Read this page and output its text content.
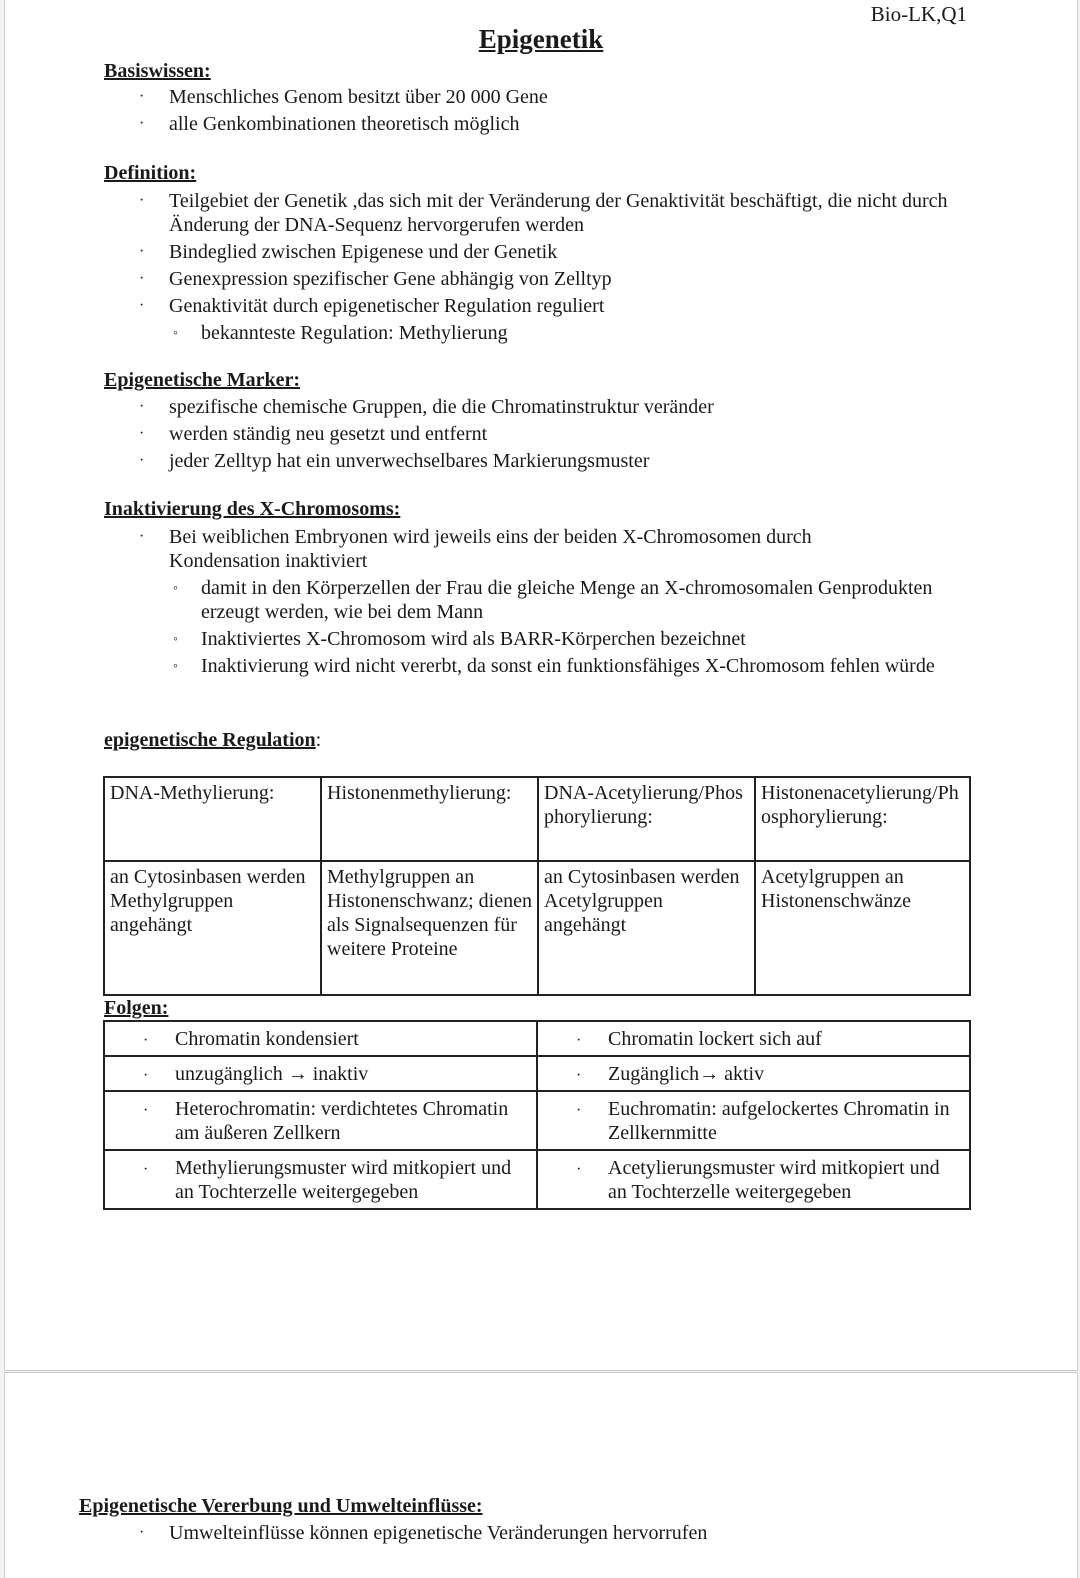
Bio-LK,Q1
Epigenetik
Basiswissen:
· Menschliches Genom besitzt über 20 000 Gene
· alle Genkombinationen theoretisch möglich
Definition:
· Teilgebiet der Genetik ,das sich mit der Veränderung der Genaktivität beschäftigt, die nicht durch Änderung der DNA-Sequenz hervorgerufen werden
· Bindeglied zwischen Epigenese und der Genetik
· Genexpression spezifischer Gene abhängig von Zelltyp
· Genaktivität durch epigenetischer Regulation reguliert
◦ bekannteste Regulation: Methylierung
Epigenetische Marker:
· spezifische chemische Gruppen, die die Chromatinstruktur veränder
· werden ständig neu gesetzt und entfernt
· jeder Zelltyp hat ein unverwechselbares Markierungsmuster
Inaktivierung des X-Chromosoms:
· Bei weiblichen Embryonen wird jeweils eins der beiden X-Chromosomen durch Kondensation inaktiviert
◦ damit in den Körperzellen der Frau die gleiche Menge an X-chromosomalen Genprodukten erzeugt werden, wie bei dem Mann
◦ Inaktiviertes X-Chromosom wird als BARR-Körperchen bezeichnet
◦ Inaktivierung wird nicht vererbt, da sonst ein funktionsfähiges X-Chromosom fehlen würde
epigenetische Regulation:
DNA-Methylierung:	Histonenmethylierung:	DNA-Acetylierung/Phosphorylierung:	Histonenacetylierung/Phosphorylierung:
an Cytosinbasen werden Methylgruppen angehängt	Methylgruppen an Histonenschwanz; dienen als Signalsequenzen für weitere Proteine	an Cytosinbasen werden Acetylgruppen angehängt	Acetylgruppen an Histonenschwänze
Folgen:
· Chromatin kondensiert	· Chromatin lockert sich auf

· unzugänglich → inaktiv	· Zugänglich→ aktiv

· Heterochromatin: verdichtetes Chromatin am äußeren Zellkern	· Euchromatin: aufgelockertes Chromatin in Zellkernmitte

· Methylierungsmuster wird mitkopiert und an Tochterzelle weitergegeben	· Acetylierungsmuster wird mitkopiert und an Tochterzelle weitergegeben
Epigenetische Vererbung und Umwelteinflüsse:
· Umwelteinflüsse können epigenetische Veränderungen hervorrufen
